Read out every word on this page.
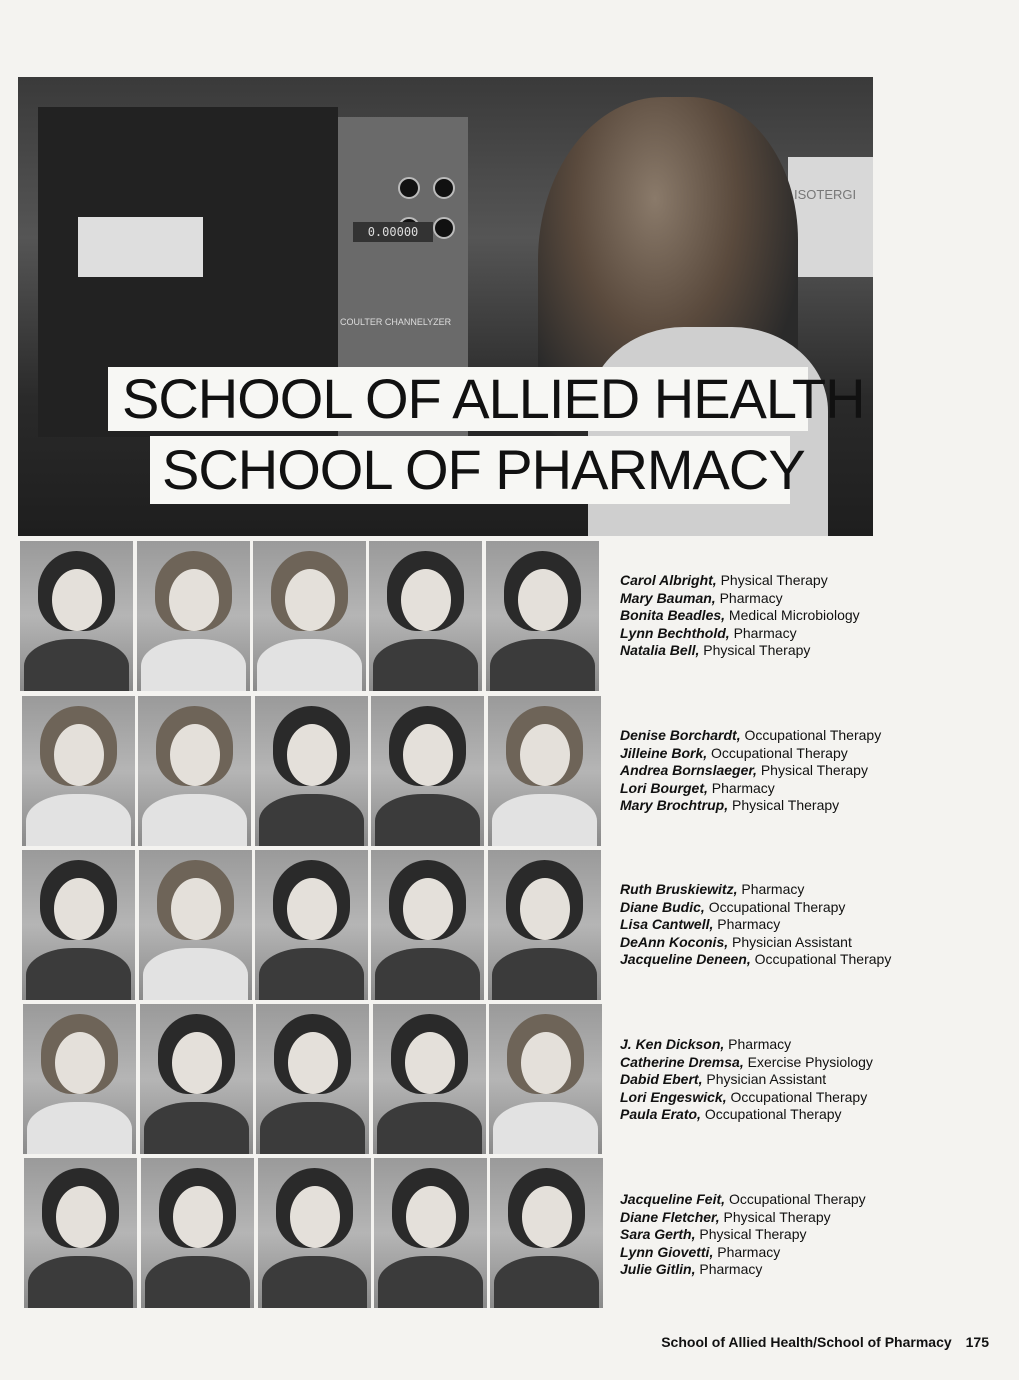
0.00000
COULTER CHANNELYZER
ISOTERGI
SCHOOL OF ALLIED HEALTH
SCHOOL OF PHARMACY
Carol Albright, Physical Therapy
Mary Bauman, Pharmacy
Bonita Beadles, Medical Microbiology
Lynn Bechthold, Pharmacy
Natalia Bell, Physical Therapy
Denise Borchardt, Occupational Therapy
Jilleine Bork, Occupational Therapy
Andrea Bornslaeger, Physical Therapy
Lori Bourget, Pharmacy
Mary Brochtrup, Physical Therapy
Ruth Bruskiewitz, Pharmacy
Diane Budic, Occupational Therapy
Lisa Cantwell, Pharmacy
DeAnn Koconis, Physician Assistant
Jacqueline Deneen, Occupational Therapy
J. Ken Dickson, Pharmacy
Catherine Dremsa, Exercise Physiology
Dabid Ebert, Physician Assistant
Lori Engeswick, Occupational Therapy
Paula Erato, Occupational Therapy
Jacqueline Feit, Occupational Therapy
Diane Fletcher, Physical Therapy
Sara Gerth, Physical Therapy
Lynn Giovetti, Pharmacy
Julie Gitlin, Pharmacy
School of Allied Health/School of Pharmacy 175
